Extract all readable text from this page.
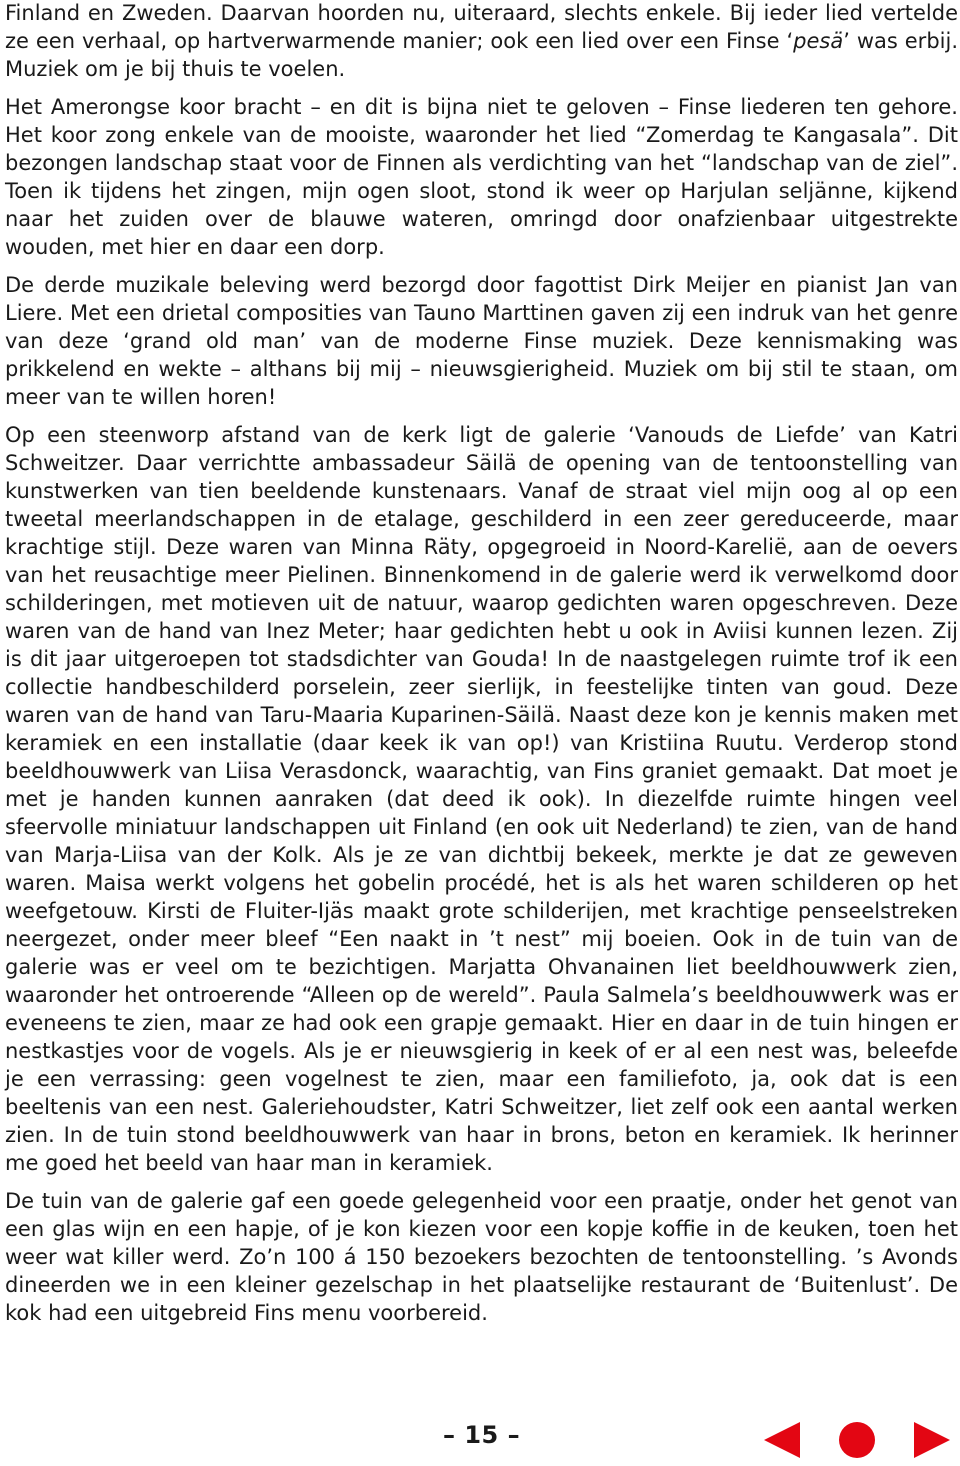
Finland en Zweden. Daarvan hoorden nu, uiteraard, slechts enkele. Bij ieder lied vertelde ze een verhaal, op hartverwarmende manier; ook een lied over een Finse ‘pesä’ was erbij. Muziek om je bij thuis te voelen.

Het Amerongse koor bracht – en dit is bijna niet te geloven – Finse liederen ten gehore. Het koor zong enkele van de mooiste, waaronder het lied “Zomerdag te Kangasala”. Dit bezongen landschap staat voor de Finnen als verdichting van het “landschap van de ziel”. Toen ik tijdens het zingen, mijn ogen sloot, stond ik weer op Harjulan seljänne, kijkend naar het zuiden over de blauwe wateren, omringd door onafzienbaar uitgestrekte wouden, met hier en daar een dorp.

De derde muzikale beleving werd bezorgd door fagottist Dirk Meijer en pianist Jan van Liere. Met een drietal composities van Tauno Marttinen gaven zij een indruk van het genre van deze ‘grand old man’ van de moderne Finse muziek. Deze kennismaking was prikkelend en wekte – althans bij mij – nieuwsgierigheid. Muziek om bij stil te staan, om meer van te willen horen!

Op een steenworp afstand van de kerk ligt de galerie ‘Vanouds de Liefde’ van Katri Schweitzer. Daar verrichtte ambassadeur Säilä de opening van de tentoonstelling van kunstwerken van tien beeldende kunstenaars. Vanaf de straat viel mijn oog al op een tweetal meerlandschappen in de etalage, geschilderd in een zeer gereduceerde, maar krachtige stijl. Deze waren van Minna Räty, opgegroeid in Noord-Karelië, aan de oevers van het reusachtige meer Pielinen. Binnenkomend in de galerie werd ik verwelkomd door schilderingen, met motieven uit de natuur, waarop gedichten waren opgeschreven. Deze waren van de hand van Inez Meter; haar gedichten hebt u ook in Aviisi kunnen lezen. Zij is dit jaar uitgeroepen tot stadsdichter van Gouda! In de naastgelegen ruimte trof ik een collectie handbeschilderd porselein, zeer sierlijk, in feestelijke tinten van goud. Deze waren van de hand van Taru-Maaria Kuparinen-Säilä. Naast deze kon je kennis maken met keramiek en een installatie (daar keek ik van op!) van Kristiina Ruutu. Verderop stond beeldhouwwerk van Liisa Verasdonck, waarachtig, van Fins graniet gemaakt. Dat moet je met je handen kunnen aanraken (dat deed ik ook). In diezelfde ruimte hingen veel sfeervolle miniatuur landschappen uit Finland (en ook uit Nederland) te zien, van de hand van Marja-Liisa van der Kolk. Als je ze van dichtbij bekeek, merkte je dat ze geweven waren. Maisa werkt volgens het gobelin procédé, het is als het waren schilderen op het weefgetouw. Kirsti de Fluiter-Ijäs maakt grote schilderijen, met krachtige penseelstreken neergezet, onder meer bleef “Een naakt in ’t nest” mij boeien. Ook in de tuin van de galerie was er veel om te bezichtigen. Marjatta Ohvanainen liet beeldhouwwerk zien, waaronder het ontroerende “Alleen op de wereld”. Paula Salmela’s beeldhouwwerk was er eveneens te zien, maar ze had ook een grapje gemaakt. Hier en daar in de tuin hingen er nestkastjes voor de vogels. Als je er nieuwsgierig in keek of er al een nest was, beleefde je een verrassing: geen vogelnest te zien, maar een familiefoto, ja, ook dat is een beeltenis van een nest. Galeriehoudster, Katri Schweitzer, liet zelf ook een aantal werken zien. In de tuin stond beeldhouwwerk van haar in brons, beton en keramiek. Ik herinner me goed het beeld van haar man in keramiek.

De tuin van de galerie gaf een goede gelegenheid voor een praatje, onder het genot van een glas wijn en een hapje, of je kon kiezen voor een kopje koffie in de keuken, toen het weer wat killer werd. Zo’n 100 á 150 bezoekers bezochten de tentoonstelling. ’s Avonds dineerden we in een kleiner gezelschap in het plaatselijke restaurant de ‘Buitenlust’. De kok had een uitgebreid Fins menu voorbereid.

– 15 –
